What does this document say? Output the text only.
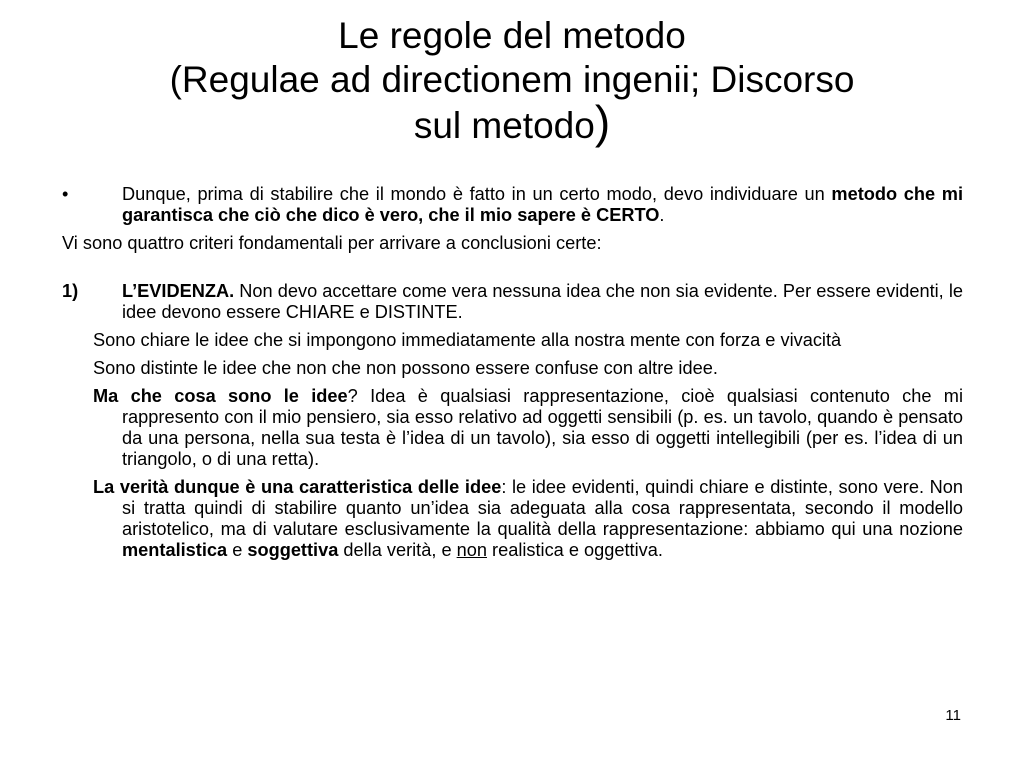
Le regole del metodo
(Regulae ad directionem ingenii; Discorso
sul metodo)

•	Dunque, prima di stabilire che il mondo è fatto in un certo modo, devo individuare un metodo che mi garantisca che ciò che dico è vero, che il mio sapere è CERTO.

Vi sono quattro criteri fondamentali per arrivare a conclusioni certe:

1) L’EVIDENZA. Non devo accettare come vera nessuna idea che non sia evidente. Per essere evidenti, le idee devono essere CHIARE e DISTINTE.

Sono chiare le idee che si impongono immediatamente alla nostra mente con forza e vivacità

Sono distinte le idee che non che non possono essere confuse con altre idee.

Ma che cosa sono le idee? Idea è qualsiasi rappresentazione, cioè qualsiasi contenuto che mi rappresento con il mio pensiero, sia esso relativo ad oggetti sensibili (p. es. un tavolo, quando è pensato da una persona, nella sua testa è l’idea di un tavolo), sia esso di oggetti intellegibili (per es. l’idea di un triangolo, o di una retta).

La verità dunque è una caratteristica delle idee: le idee evidenti, quindi chiare e distinte, sono vere. Non si tratta quindi di stabilire quanto un’idea sia adeguata alla cosa rappresentata, secondo il modello aristotelico, ma di valutare esclusivamente la qualità della rappresentazione: abbiamo qui una nozione mentalistica e soggettiva della verità, e non realistica e oggettiva.

11
